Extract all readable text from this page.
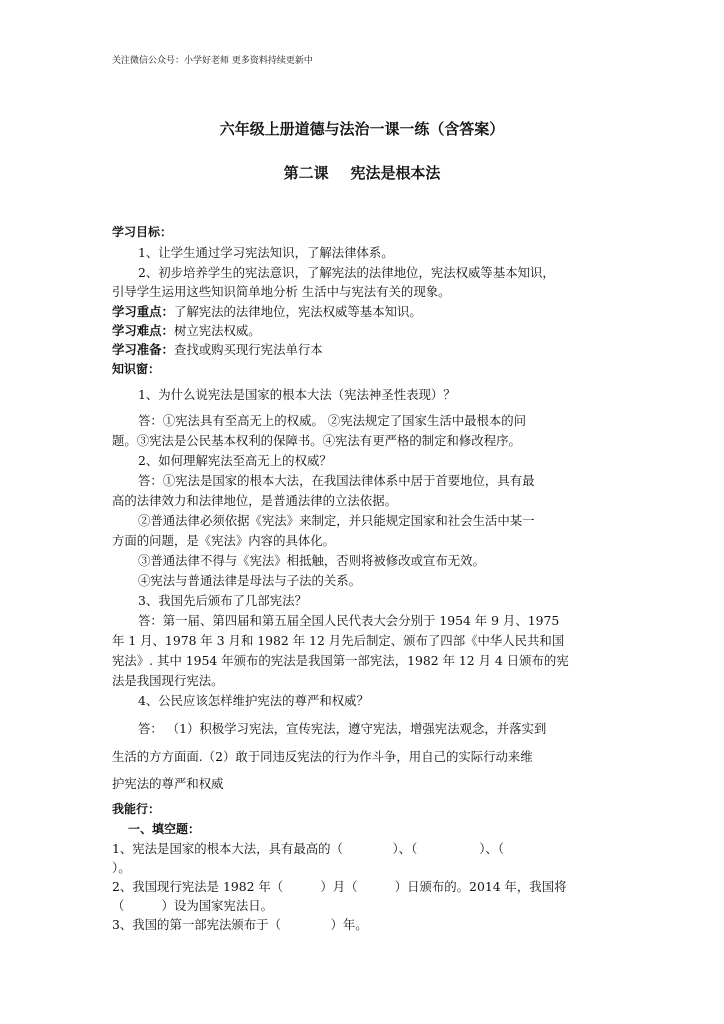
关注微信公众号：小学好老师 更多资料持续更新中

六年级上册道德与法治一课一练（含答案）

第二课 宪法是根本法

学习目标：

1、让学生通过学习宪法知识，了解法律体系。

2、初步培养学生的宪法意识，了解宪法的法律地位，宪法权威等基本知识，

引导学生运用这些知识简单地分析 生活中与宪法有关的现象。

学习重点：了解宪法的法律地位，宪法权威等基本知识。

学习难点：树立宪法权威。

学习准备：查找或购买现行宪法单行本

知识窗：

1、为什么说宪法是国家的根本大法（宪法神圣性表现）？

答：①宪法具有至高无上的权威。 ②宪法规定了国家生活中最根本的问

题。③宪法是公民基本权利的保障书。④宪法有更严格的制定和修改程序。

2、如何理解宪法至高无上的权威？

答：①宪法是国家的根本大法，在我国法律体系中居于首要地位，具有最

高的法律效力和法律地位，是普通法律的立法依据。

②普通法律必须依据《宪法》来制定，并只能规定国家和社会生活中某一

方面的问题，是《宪法》内容的具体化。

③普通法律不得与《宪法》相抵触，否则将被修改或宣布无效。

④宪法与普通法律是母法与子法的关系。

3、我国先后颁布了几部宪法？

答：第一届、第四届和第五届全国人民代表大会分别于 1954 年 9 月、1975

年 1 月、1978 年 3 月和 1982 年 12 月先后制定、颁布了四部《中华人民共和国

宪法》. 其中 1954 年颁布的宪法是我国第一部宪法，1982 年 12 月 4 日颁布的宪

法是我国现行宪法。

4、公民应该怎样维护宪法的尊严和权威？

答： （1）积极学习宪法，宣传宪法，遵守宪法，增强宪法观念，并落实到

生活的方方面面.（2）敢于同违反宪法的行为作斗争，用自己的实际行动来维

护宪法的尊严和权威

我能行：

一、填空题：

1、宪法是国家的根本大法，具有最高的（　　　　）、（　　　　　）、（

）。

2、我国现行宪法是 1982 年（　　　）月（　　　）日颁布的。2014 年，我国将

（　　　）设为国家宪法日。

3、我国的第一部宪法颁布于（　　　　）年。
